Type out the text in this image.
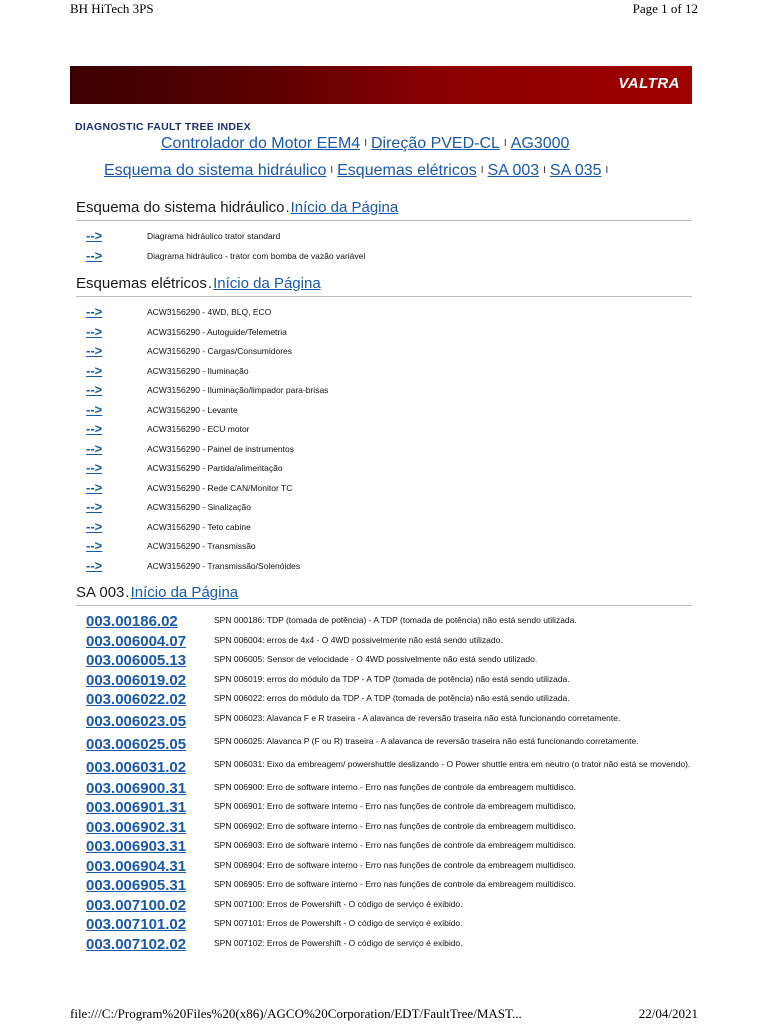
BH HiTech 3PS	Page 1 of 12
VALTRA
DIAGNOSTIC FAULT TREE INDEX
Controlador do Motor EEM4 I Direção PVED-CL I AG3000
Esquema do sistema hidráulico I Esquemas elétricos I SA 003 I SA 035 I
Esquema do sistema hidráulico.Início da Página
-->	Diagrama hidráulico trator standard
-->	Diagrama hidráulico - trator com bomba de vazão variável
Esquemas elétricos.Início da Página
-->	ACW3156290 - 4WD, BLQ, ECO
-->	ACW3156290 - Autoguide/Telemetria
-->	ACW3156290 - Cargas/Consumidores
-->	ACW3156290 - Iluminação
-->	ACW3156290 - Iluminação/limpador para-brisas
-->	ACW3156290 - Levante
-->	ACW3156290 - ECU motor
-->	ACW3156290 - Painel de instrumentos
-->	ACW3156290 - Partida/alimentação
-->	ACW3156290 - Rede CAN/Monitor TC
-->	ACW3156290 - Sinalização
-->	ACW3156290 - Teto cabine
-->	ACW3156290 - Transmissão
-->	ACW3156290 - Transmissão/Solenóides
SA 003.Início da Página
003.00186.02	SPN 000186: TDP (tomada de potência) - A TDP (tomada de potência) não está sendo utilizada.
003.006004.07	SPN 006004: erros de 4x4 - O 4WD possivelmente não está sendo utilizado.
003.006005.13	SPN 006005: Sensor de velocidade - O 4WD possivelmente não está sendo utilizado.
003.006019.02	SPN 006019: erros do módulo da TDP - A TDP (tomada de potência) não está sendo utilizada.
003.006022.02	SPN 006022: erros do módulo da TDP - A TDP (tomada de potência) não está sendo utilizada.
003.006023.05	SPN 006023: Alavanca F e R traseira - A alavanca de reversão traseira não está funcionando corretamente.
003.006025.05	SPN 006025: Alavanca P (F ou R) traseira - A alavanca de reversão traseira não está funcionando corretamente.
003.006031.02	SPN 006031: Eixo da embreagem/ powershuttle deslizando - O Power shuttle entra em neutro (o trator não está se movendo).
003.006900.31	SPN 006900: Erro de software interno - Erro nas funções de controle da embreagem multidisco.
003.006901.31	SPN 006901: Erro de software interno - Erro nas funções de controle da embreagem multidisco.
003.006902.31	SPN 006902: Erro de software interno - Erro nas funções de controle da embreagem multidisco.
003.006903.31	SPN 006903: Erro de software interno - Erro nas funções de controle da embreagem multidisco.
003.006904.31	SPN 006904: Erro de software interno - Erro nas funções de controle da embreagem multidisco.
003.006905.31	SPN 006905: Erro de software interno - Erro nas funções de controle da embreagem multidisco.
003.007100.02	SPN 007100: Erros de Powershift - O código de serviço é exibido.
003.007101.02	SPN 007101: Erros de Powershift - O código de serviço é exibido.
003.007102.02	SPN 007102: Erros de Powershift - O código de serviço é exibido.
file:///C:/Program%20Files%20(x86)/AGCO%20Corporation/EDT/FaultTree/MAST...	22/04/2021
